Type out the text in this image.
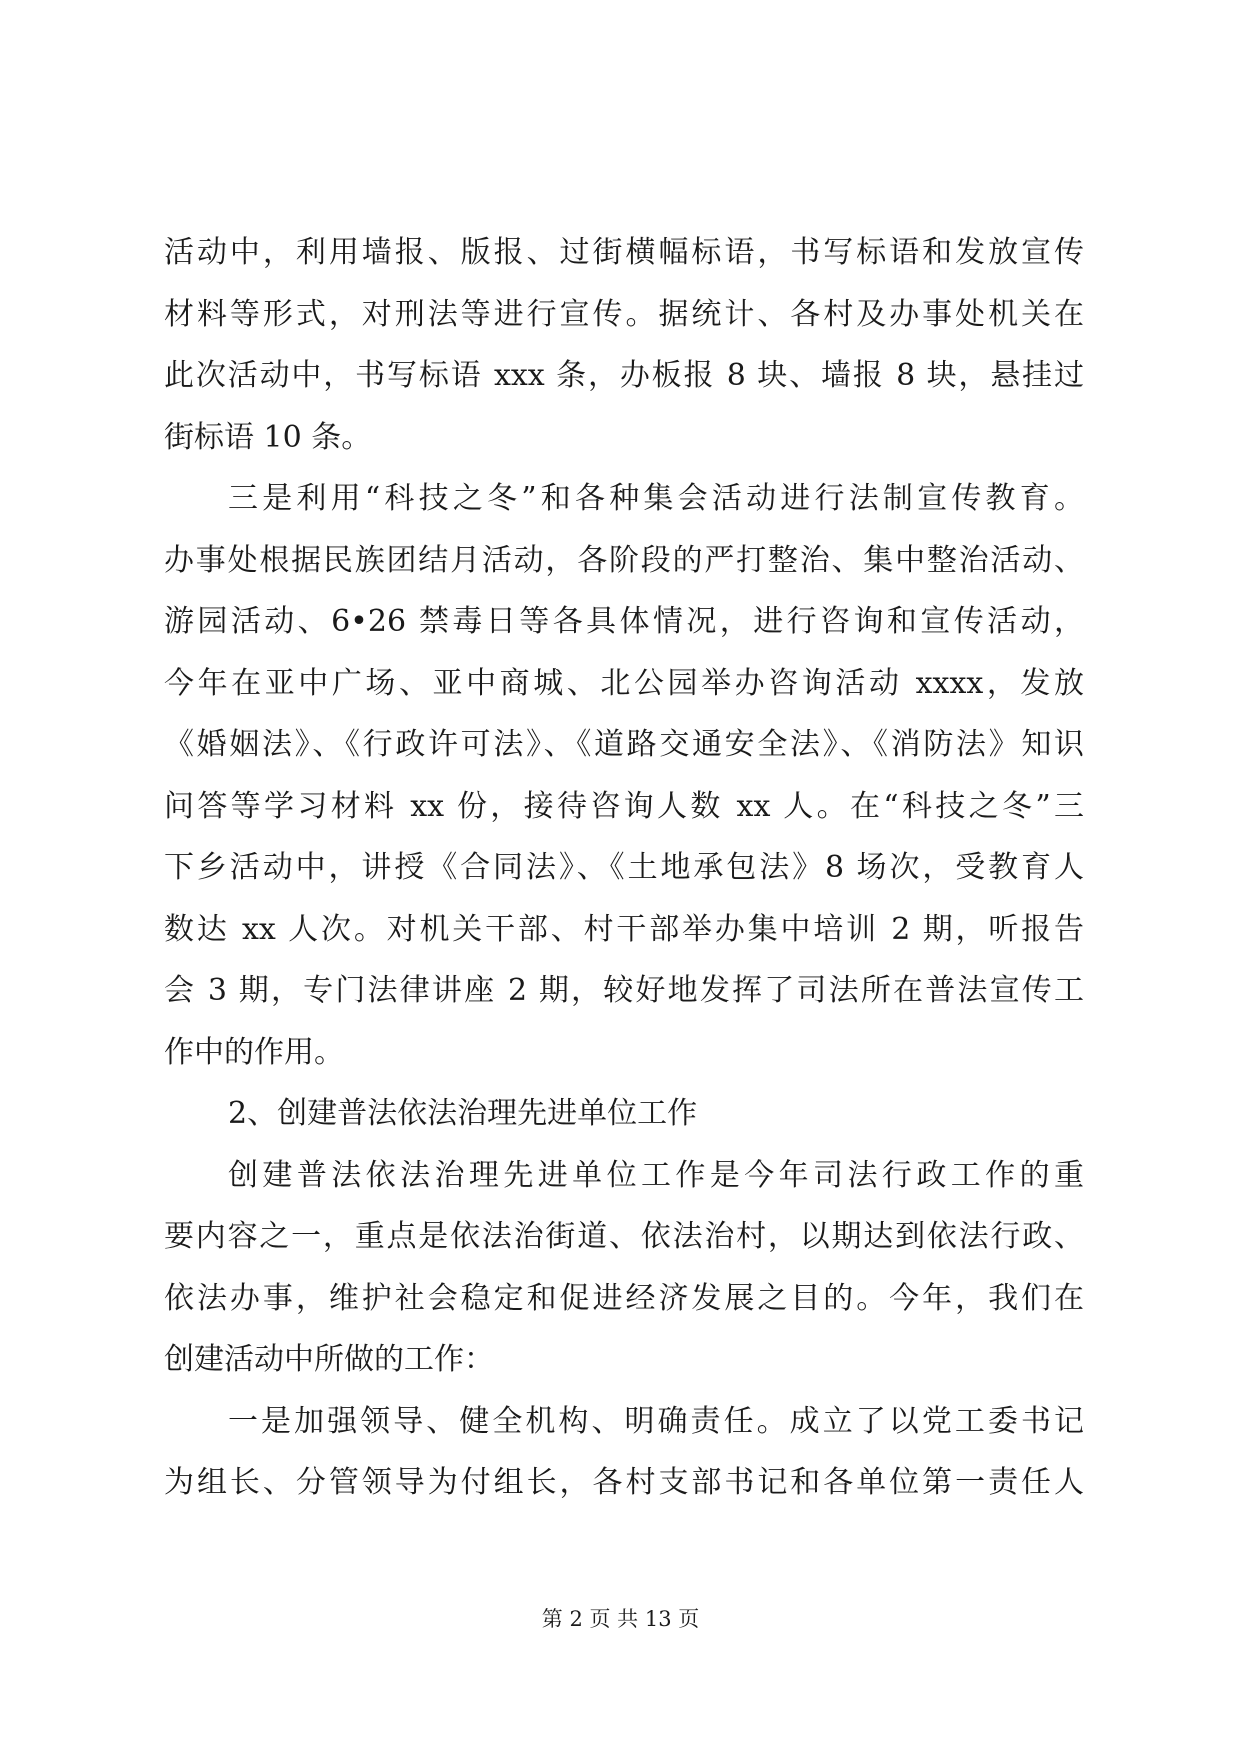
活动中，利用墙报、版报、过街横幅标语，书写标语和发放宣传
材料等形式，对刑法等进行宣传。据统计、各村及办事处机关在
此次活动中，书写标语 xxx 条，办板报 8 块、墙报 8 块，悬挂过
街标语 10 条。
三是利用“科技之冬”和各种集会活动进行法制宣传教育。
办事处根据民族团结月活动，各阶段的严打整治、集中整治活动、
游园活动、6•26 禁毒日等各具体情况，进行咨询和宣传活动，
今年在亚中广场、亚中商城、北公园举办咨询活动 xxxx，发放
《婚姻法》、《行政许可法》、《道路交通安全法》、《消防法》知识
问答等学习材料 xx 份，接待咨询人数 xx 人。在“科技之冬”三
下乡活动中，讲授《合同法》、《土地承包法》8 场次，受教育人
数达 xx 人次。对机关干部、村干部举办集中培训 2 期，听报告
会 3 期，专门法律讲座 2 期，较好地发挥了司法所在普法宣传工
作中的作用。
2、创建普法依法治理先进单位工作
创建普法依法治理先进单位工作是今年司法行政工作的重
要内容之一，重点是依法治街道、依法治村，以期达到依法行政、
依法办事，维护社会稳定和促进经济发展之目的。今年，我们在
创建活动中所做的工作：
一是加强领导、健全机构、明确责任。成立了以党工委书记
为组长、分管领导为付组长，各村支部书记和各单位第一责任人
第 2 页 共 13 页
